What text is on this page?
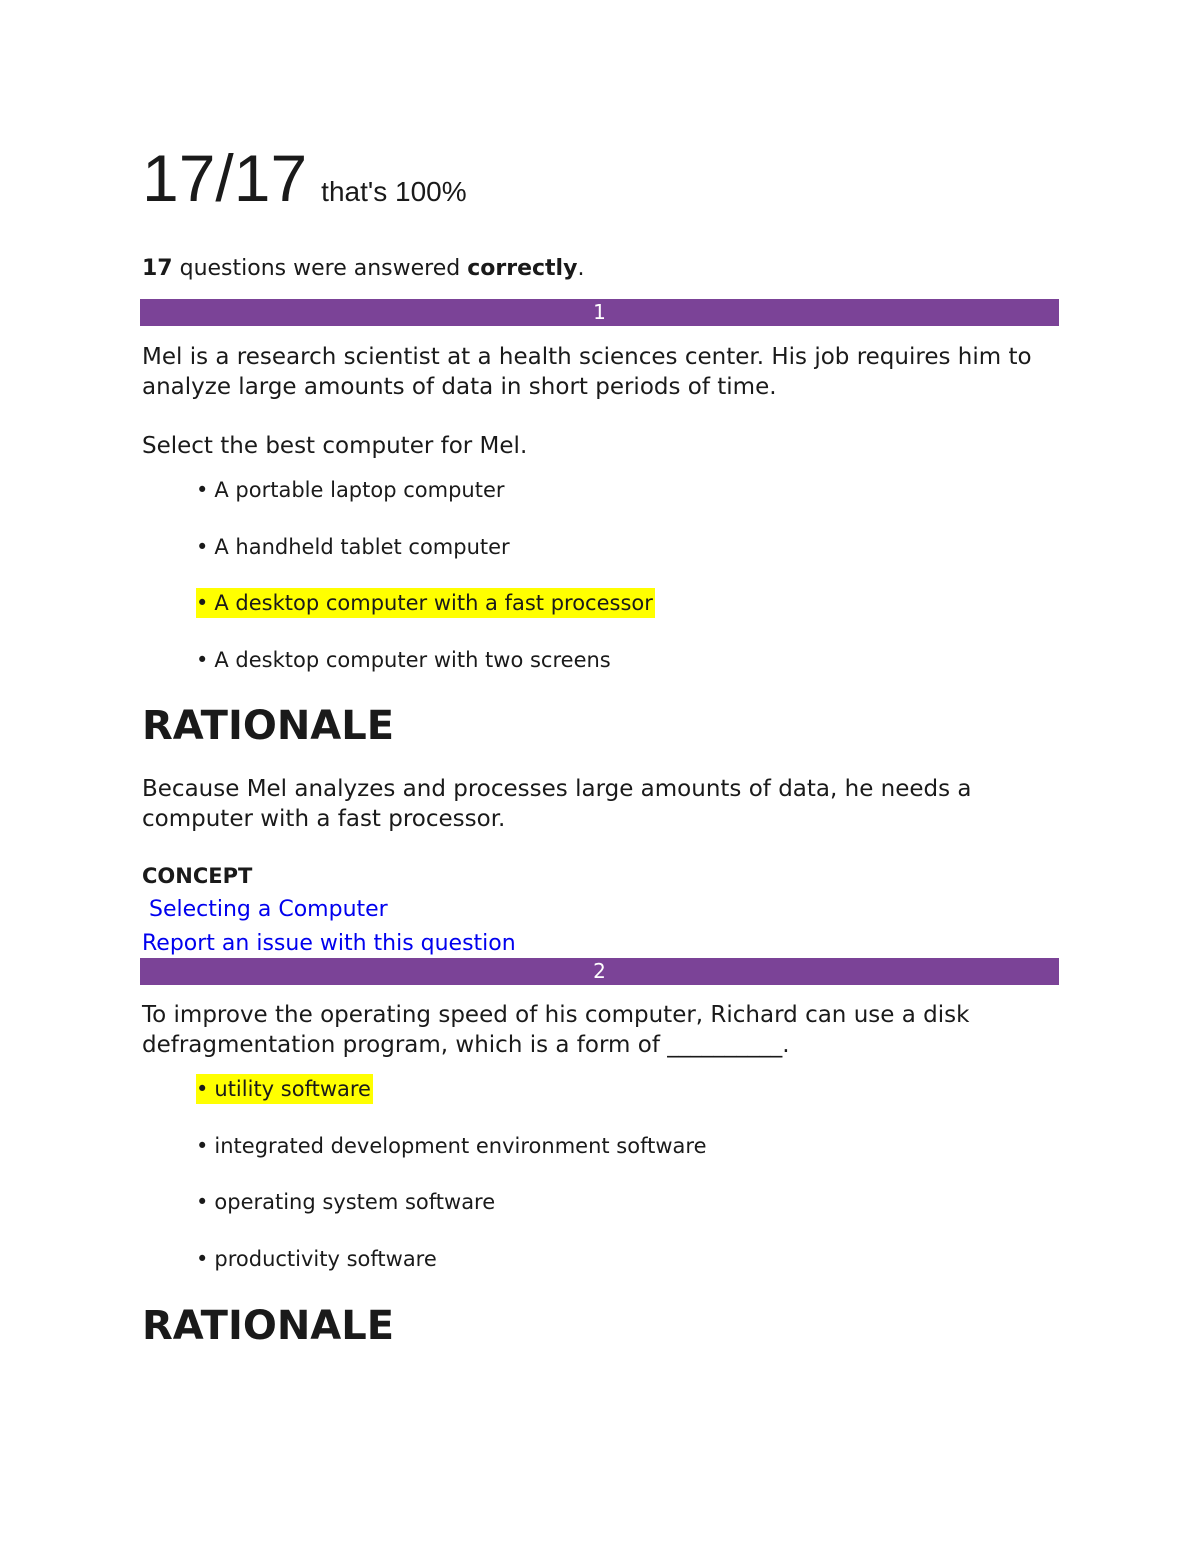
17/17 that's 100%
17 questions were answered correctly.
1
Mel is a research scientist at a health sciences center. His job requires him to analyze large amounts of data in short periods of time.
Select the best computer for Mel.
• A portable laptop computer
• A handheld tablet computer
• A desktop computer with a fast processor
• A desktop computer with two screens
RATIONALE
Because Mel analyzes and processes large amounts of data, he needs a computer with a fast processor.
CONCEPT
Selecting a Computer
Report an issue with this question
2
To improve the operating speed of his computer, Richard can use a disk defragmentation program, which is a form of __________.
• utility software
• integrated development environment software
• operating system software
• productivity software
RATIONALE
